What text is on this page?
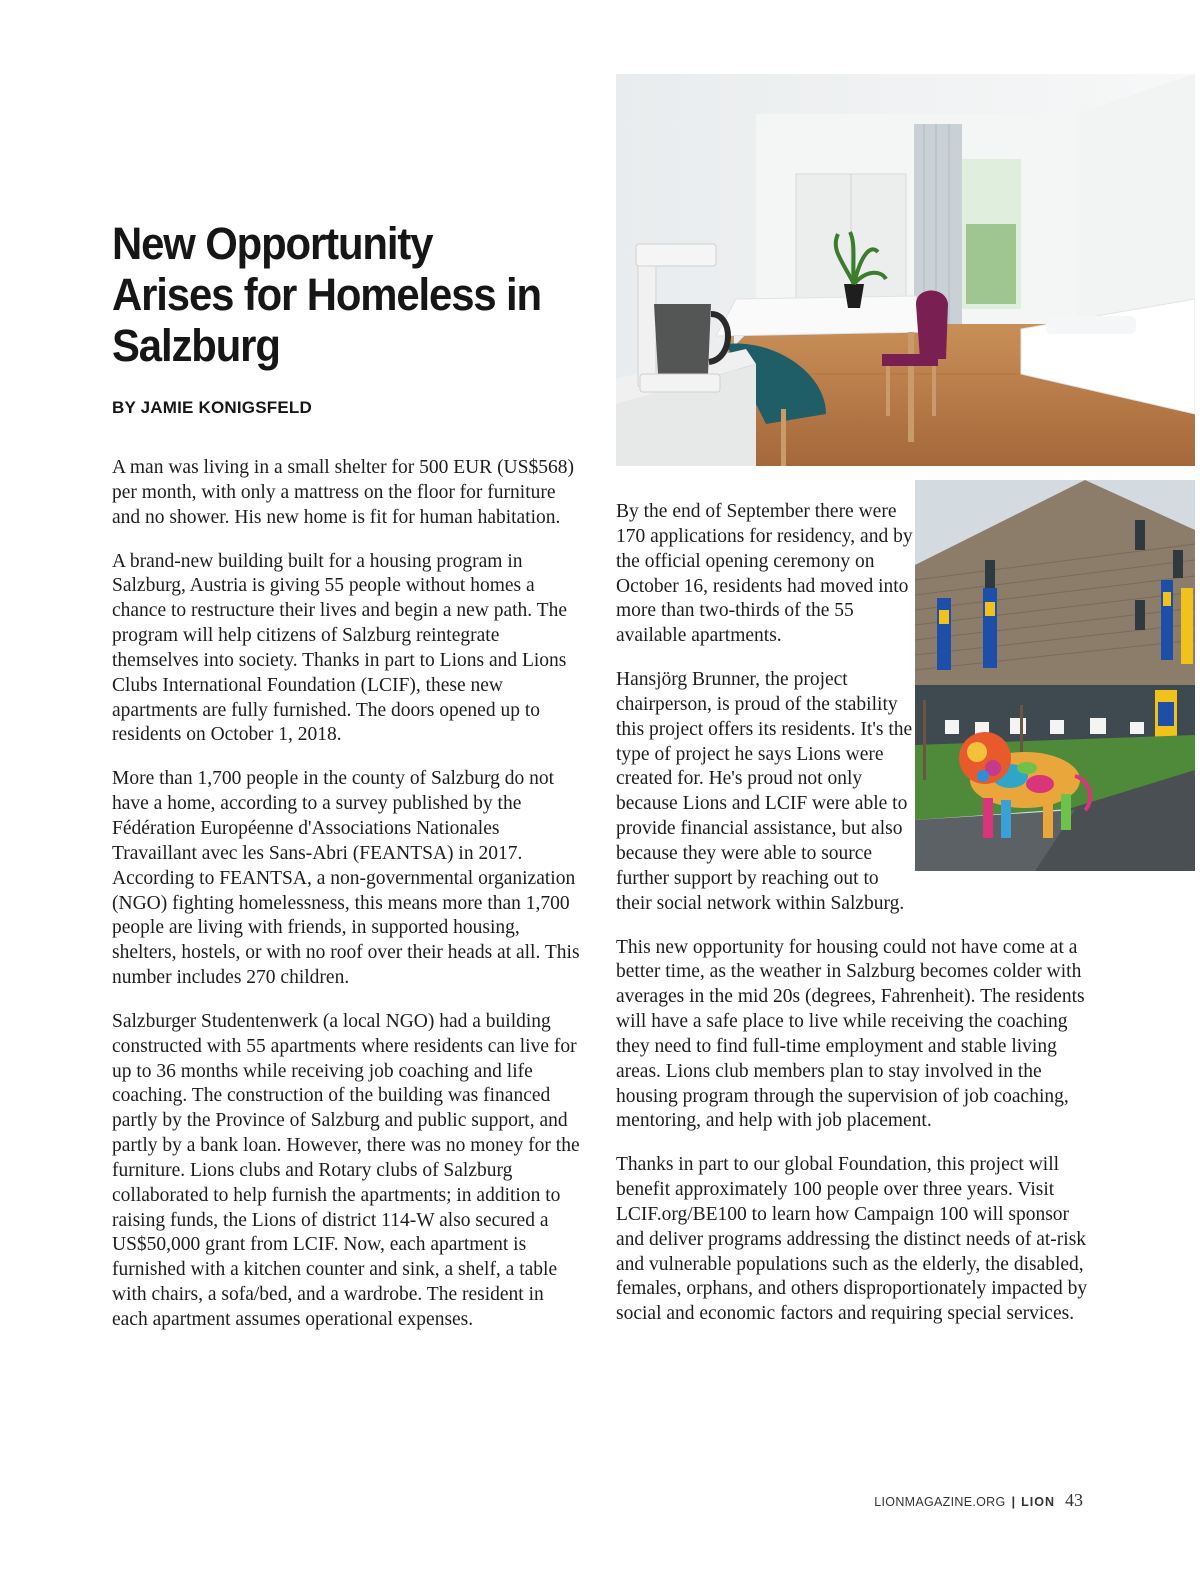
New Opportunity Arises for Homeless in Salzburg
BY JAMIE KONIGSFELD

A man was living in a small shelter for 500 EUR (US$568) per month, with only a mattress on the floor for furniture and no shower. His new home is fit for human habitation.

A brand-new building built for a housing program in Salzburg, Austria is giving 55 people without homes a chance to restructure their lives and begin a new path. The program will help citizens of Salzburg reintegrate themselves into society. Thanks in part to Lions and Lions Clubs International Foundation (LCIF), these new apartments are fully furnished. The doors opened up to residents on October 1, 2018.

More than 1,700 people in the county of Salzburg do not have a home, according to a survey published by the Fédération Européenne d'Associations Nationales Travaillant avec les Sans-Abri (FEANTSA) in 2017. According to FEANTSA, a non-governmental organization (NGO) fighting homelessness, this means more than 1,700 people are living with friends, in supported housing, shelters, hostels, or with no roof over their heads at all. This number includes 270 children.

Salzburger Studentenwerk (a local NGO) had a building constructed with 55 apartments where residents can live for up to 36 months while receiving job coaching and life coaching. The construction of the building was financed partly by the Province of Salzburg and public support, and partly by a bank loan. However, there was no money for the furniture. Lions clubs and Rotary clubs of Salzburg collaborated to help furnish the apartments; in addition to raising funds, the Lions of district 114-W also secured a US$50,000 grant from LCIF. Now, each apartment is furnished with a kitchen counter and sink, a shelf, a table with chairs, a sofa/bed, and a wardrobe. The resident in each apartment assumes operational expenses.

By the end of September there were 170 applications for residency, and by the official opening ceremony on October 16, residents had moved into more than two-thirds of the 55 available apartments.

Hansjörg Brunner, the project chairperson, is proud of the stability this project offers its residents. It's the type of project he says Lions were created for. He's proud not only because Lions and LCIF were able to provide financial assistance, but also because they were able to source further support by reaching out to their social network within Salzburg.

This new opportunity for housing could not have come at a better time, as the weather in Salzburg becomes colder with averages in the mid 20s (degrees, Fahrenheit). The residents will have a safe place to live while receiving the coaching they need to find full-time employment and stable living areas. Lions club members plan to stay involved in the housing program through the supervision of job coaching, mentoring, and help with job placement.

Thanks in part to our global Foundation, this project will benefit approximately 100 people over three years. Visit LCIF.org/BE100 to learn how Campaign 100 will sponsor and deliver programs addressing the distinct needs of at-risk and vulnerable populations such as the elderly, the disabled, females, orphans, and others disproportionately impacted by social and economic factors and requiring special services.

LIONMAGAZINE.ORG | LION 43
